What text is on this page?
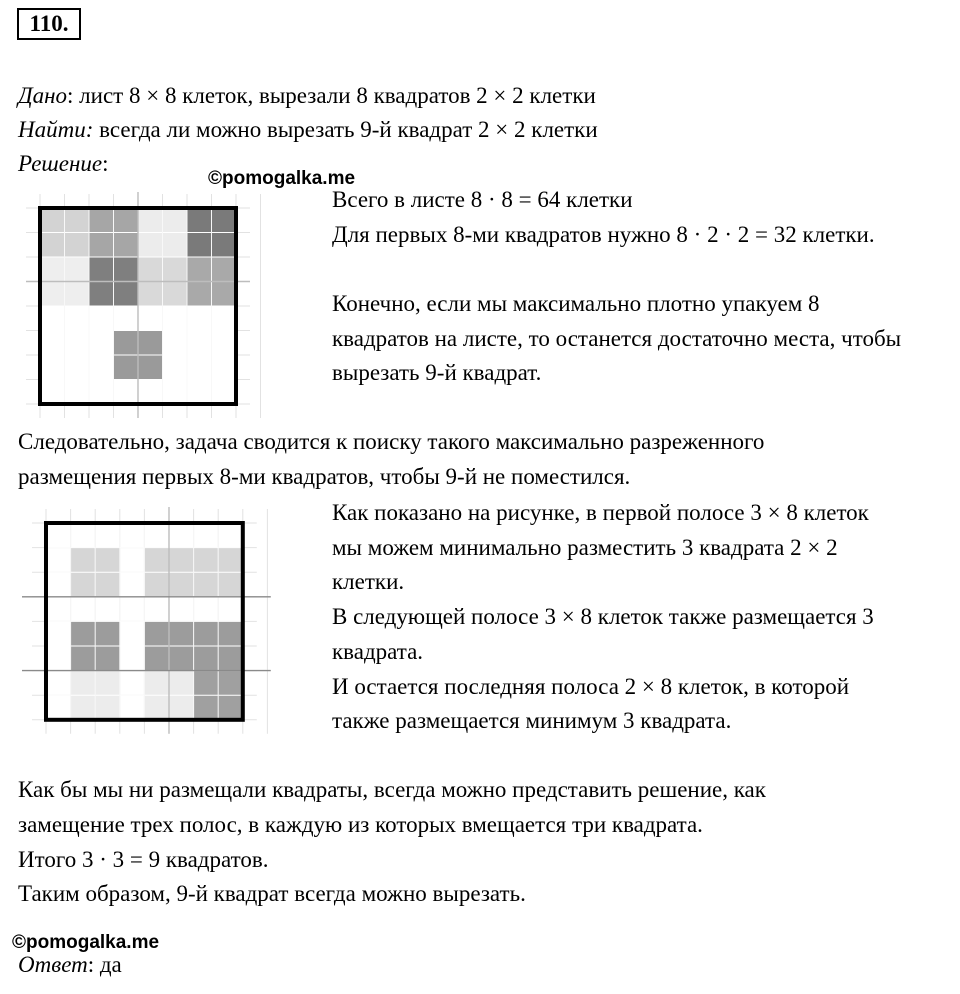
110.
Дано: лист 8 × 8 клеток, вырезали 8 квадратов 2 × 2 клетки
Найти: всегда ли можно вырезать 9-й квадрат 2 × 2 клетки
Решение:
©pomogalka.me
Всего в листе 8 · 8 = 64 клетки
Для первых 8-ми квадратов нужно 8 · 2 · 2 = 32 клетки.
Конечно, если мы максимально плотно упакуем 8
квадратов на листе, то останется достаточно места, чтобы
вырезать 9-й квадрат.
Следовательно, задача сводится к поиску такого максимально разреженного
размещения первых 8-ми квадратов, чтобы 9-й не поместился.
Как показано на рисунке, в первой полосе 3 × 8 клеток
мы можем минимально разместить 3 квадрата 2 × 2
клетки.
В следующей полосе 3 × 8 клеток также размещается 3
квадрата.
И остается последняя полоса 2 × 8 клеток, в которой
также размещается минимум 3 квадрата.
Как бы мы ни размещали квадраты, всегда можно представить решение, как
замещение трех полос, в каждую из которых вмещается три квадрата.
Итого 3 · 3 = 9 квадратов.
Таким образом, 9-й квадрат всегда можно вырезать.
©pomogalka.me
Ответ: да
